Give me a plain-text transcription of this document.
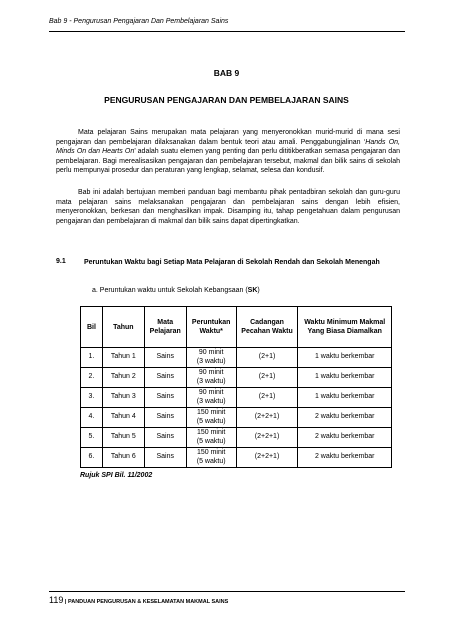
Bab 9 - Pengurusan Pengajaran Dan Pembelajaran Sains
BAB 9
PENGURUSAN PENGAJARAN DAN PEMBELAJARAN SAINS
Mata pelajaran Sains merupakan mata pelajaran yang menyeronokkan murid-murid di mana sesi pengajaran dan pembelajaran dilaksanakan dalam bentuk teori atau amali. Penggabungjalinan ‘Hands On, Minds On dan Hearts On’ adalah suatu elemen yang penting dan perlu dititikberatkan semasa pengajaran dan pembelajaran. Bagi merealisasikan pengajaran dan pembelajaran tersebut, makmal dan bilik sains di sekolah perlu mempunyai prosedur dan peraturan yang lengkap, selamat, selesa dan kondusif.
Bab ini adalah bertujuan memberi panduan bagi membantu pihak pentadbiran sekolah dan guru-guru mata pelajaran sains melaksanakan pengajaran dan pembelajaran sains dengan lebih efisien, menyeronokkan, berkesan dan menghasilkan impak. Disamping itu, tahap pengetahuan dalam pengurusan pengajaran dan pembelajaran di makmal dan bilik sains dapat dipertingkatkan.
9.1	Peruntukan Waktu bagi Setiap Mata Pelajaran di Sekolah Rendah dan Sekolah Menengah
a. Peruntukan waktu untuk Sekolah Kebangsaan (SK)
Bil	Tahun	Mata Pelajaran	Peruntukan Waktu*	Cadangan Pecahan Waktu	Waktu Minimum Makmal Yang Biasa Diamalkan
1.	Tahun 1	Sains	90 minit
(3 waktu)	(2+1)	1 waktu berkembar
2.	Tahun 2	Sains	90 minit
(3 waktu)	(2+1)	1 waktu berkembar
3.	Tahun 3	Sains	90 minit
(3 waktu)	(2+1)	1 waktu berkembar
4.	Tahun 4	Sains	150 minit
(5 waktu)	(2+2+1)	2 waktu berkembar
5.	Tahun 5	Sains	150 minit
(5 waktu)	(2+2+1)	2 waktu berkembar
6.	Tahun 6	Sains	150 minit
(5 waktu)	(2+2+1)	2 waktu berkembar
Rujuk SPI Bil. 11/2002
119 | PANDUAN PENGURUSAN & KESELAMATAN MAKMAL SAINS
